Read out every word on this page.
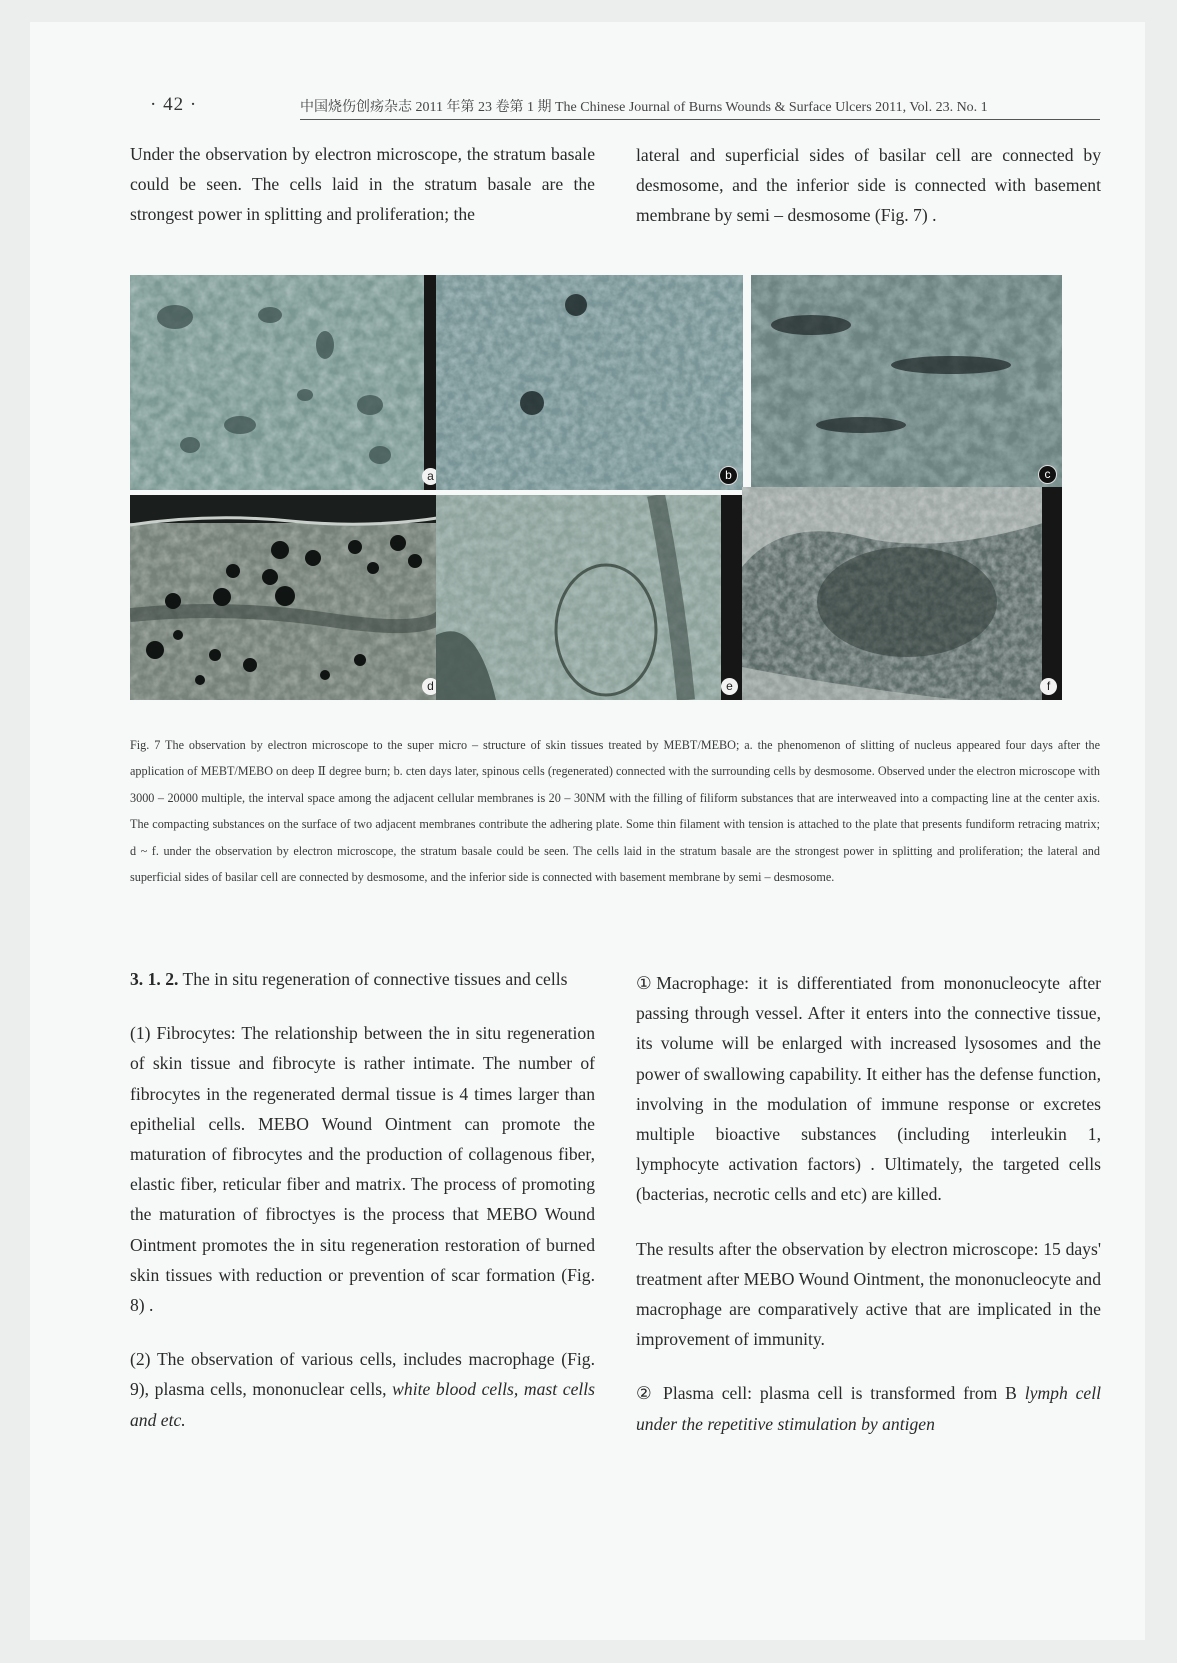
· 42 ·	中国烧伤创疡杂志 2011 年第 23 卷第 1 期 The Chinese Journal of Burns Wounds & Surface Ulcers 2011, Vol. 23. No. 1

Under the observation by electron microscope, the stratum basale could be seen. The cells laid in the stratum basale are the strongest power in splitting and proliferation; the

lateral and superficial sides of basilar cell are connected by desmosome, and the inferior side is connected with basement membrane by semi – desmosome (Fig. 7) .

a	b	c
d	e	f
Fig. 7 The observation by electron microscope to the super micro – structure of skin tissues treated by MEBT/MEBO; a. the phenomenon of slitting of nucleus appeared four days after the application of MEBT/MEBO on deep Ⅱ degree burn; b. cten days later, spinous cells (regenerated) connected with the surrounding cells by desmosome. Observed under the electron microscope with 3000 – 20000 multiple, the interval space among the adjacent cellular membranes is 20 – 30NM with the filling of filiform substances that are interweaved into a compacting line at the center axis. The compacting substances on the surface of two adjacent membranes contribute the adhering plate. Some thin filament with tension is attached to the plate that presents fundiform retracing matrix; d ~ f. under the observation by electron microscope, the stratum basale could be seen. The cells laid in the stratum basale are the strongest power in splitting and proliferation; the lateral and superficial sides of basilar cell are connected by desmosome, and the inferior side is connected with basement membrane by semi – desmosome.

3. 1. 2. The in situ regeneration of connective tissues and cells

(1) Fibrocytes: The relationship between the in situ regeneration of skin tissue and fibrocyte is rather intimate. The number of fibrocytes in the regenerated dermal tissue is 4 times larger than epithelial cells. MEBO Wound Ointment can promote the maturation of fibrocytes and the production of collagenous fiber, elastic fiber, reticular fiber and matrix. The process of promoting the maturation of fibroctyes is the process that MEBO Wound Ointment promotes the in situ regeneration restoration of burned skin tissues with reduction or prevention of scar formation (Fig. 8) .

(2) The observation of various cells, includes macrophage (Fig. 9), plasma cells, mononuclear cells, white blood cells, mast cells and etc.

①Macrophage: it is differentiated from mononucleocyte after passing through vessel. After it enters into the connective tissue, its volume will be enlarged with increased lysosomes and the power of swallowing capability. It either has the defense function, involving in the modulation of immune response or excretes multiple bioactive substances (including interleukin 1, lymphocyte activation factors) . Ultimately, the targeted cells (bacterias, necrotic cells and etc) are killed.

The results after the observation by electron microscope: 15 days' treatment after MEBO Wound Ointment, the mononucleocyte and macrophage are comparatively active that are implicated in the improvement of immunity.

② Plasma cell: plasma cell is transformed from B lymph cell under the repetitive stimulation by antigen
